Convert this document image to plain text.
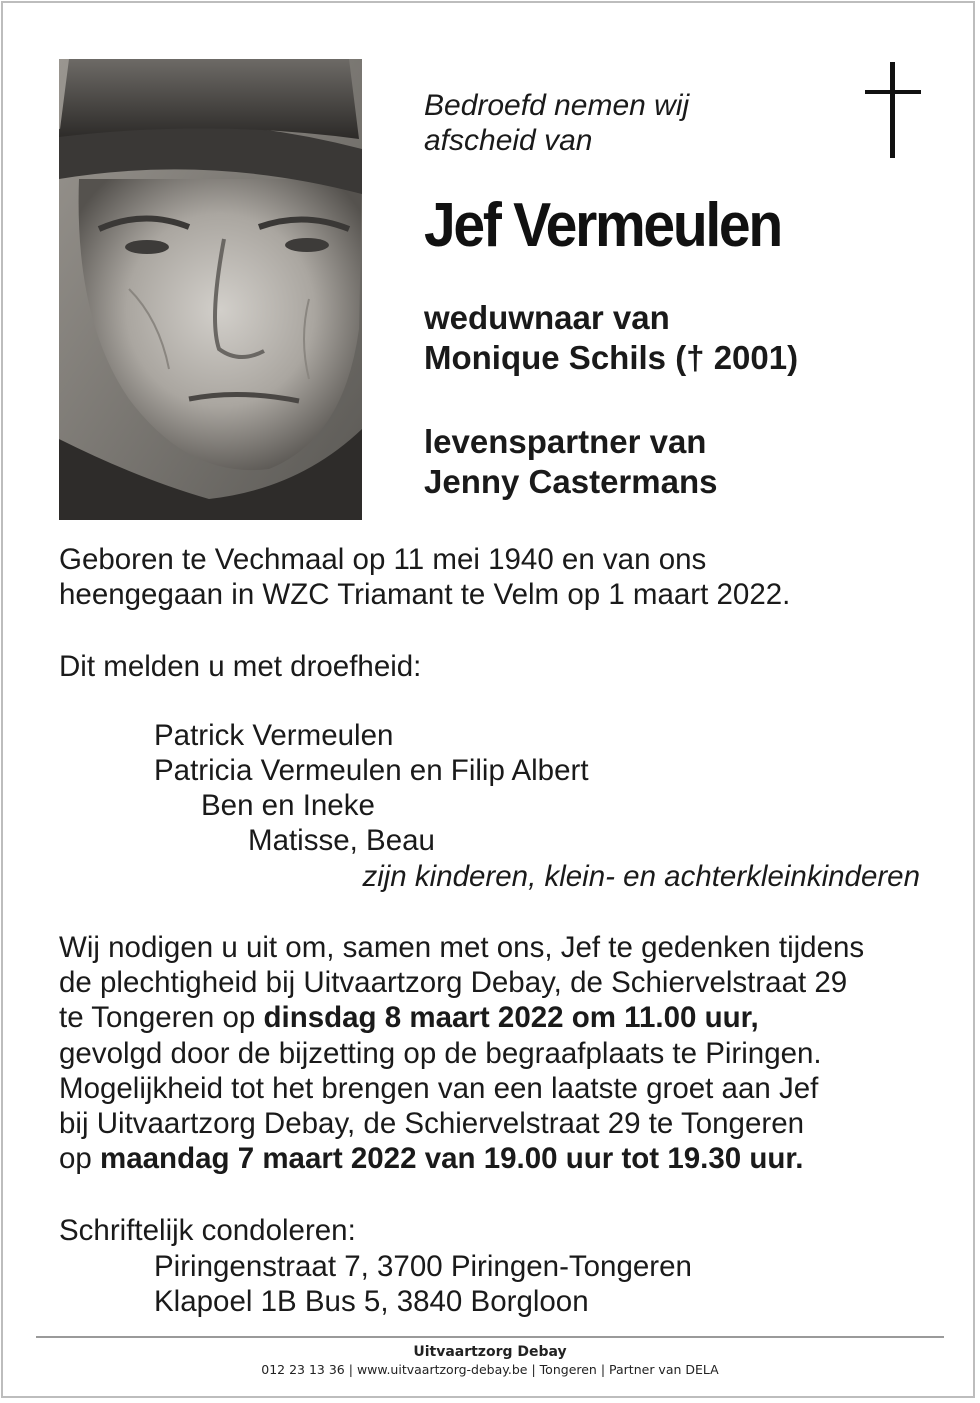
Bedroefd nemen wij
afscheid van
Jef Vermeulen
weduwnaar van
Monique Schils († 2001)
levenspartner van
Jenny Castermans
Geboren te Vechmaal op 11 mei 1940 en van ons
heengegaan in WZC Triamant te Velm op 1 maart 2022.
Dit melden u met droefheid:
Patrick Vermeulen
Patricia Vermeulen en Filip Albert
Ben en Ineke
Matisse, Beau
zijn kinderen, klein- en achterkleinkinderen
Wij nodigen u uit om, samen met ons, Jef te gedenken tijdens
de plechtigheid bij Uitvaartzorg Debay, de Schiervelstraat 29
te Tongeren op dinsdag 8 maart 2022 om 11.00 uur,
gevolgd door de bijzetting op de begraafplaats te Piringen.
Mogelijkheid tot het brengen van een laatste groet aan Jef
bij Uitvaartzorg Debay, de Schiervelstraat 29 te Tongeren
op maandag 7 maart 2022 van 19.00 uur tot 19.30 uur.
Schriftelijk condoleren:
Piringenstraat 7, 3700 Piringen-Tongeren
Klapoel 1B Bus 5, 3840 Borgloon
Uitvaartzorg Debay
012 23 13 36 | www.uitvaartzorg-debay.be | Tongeren | Partner van DELA
